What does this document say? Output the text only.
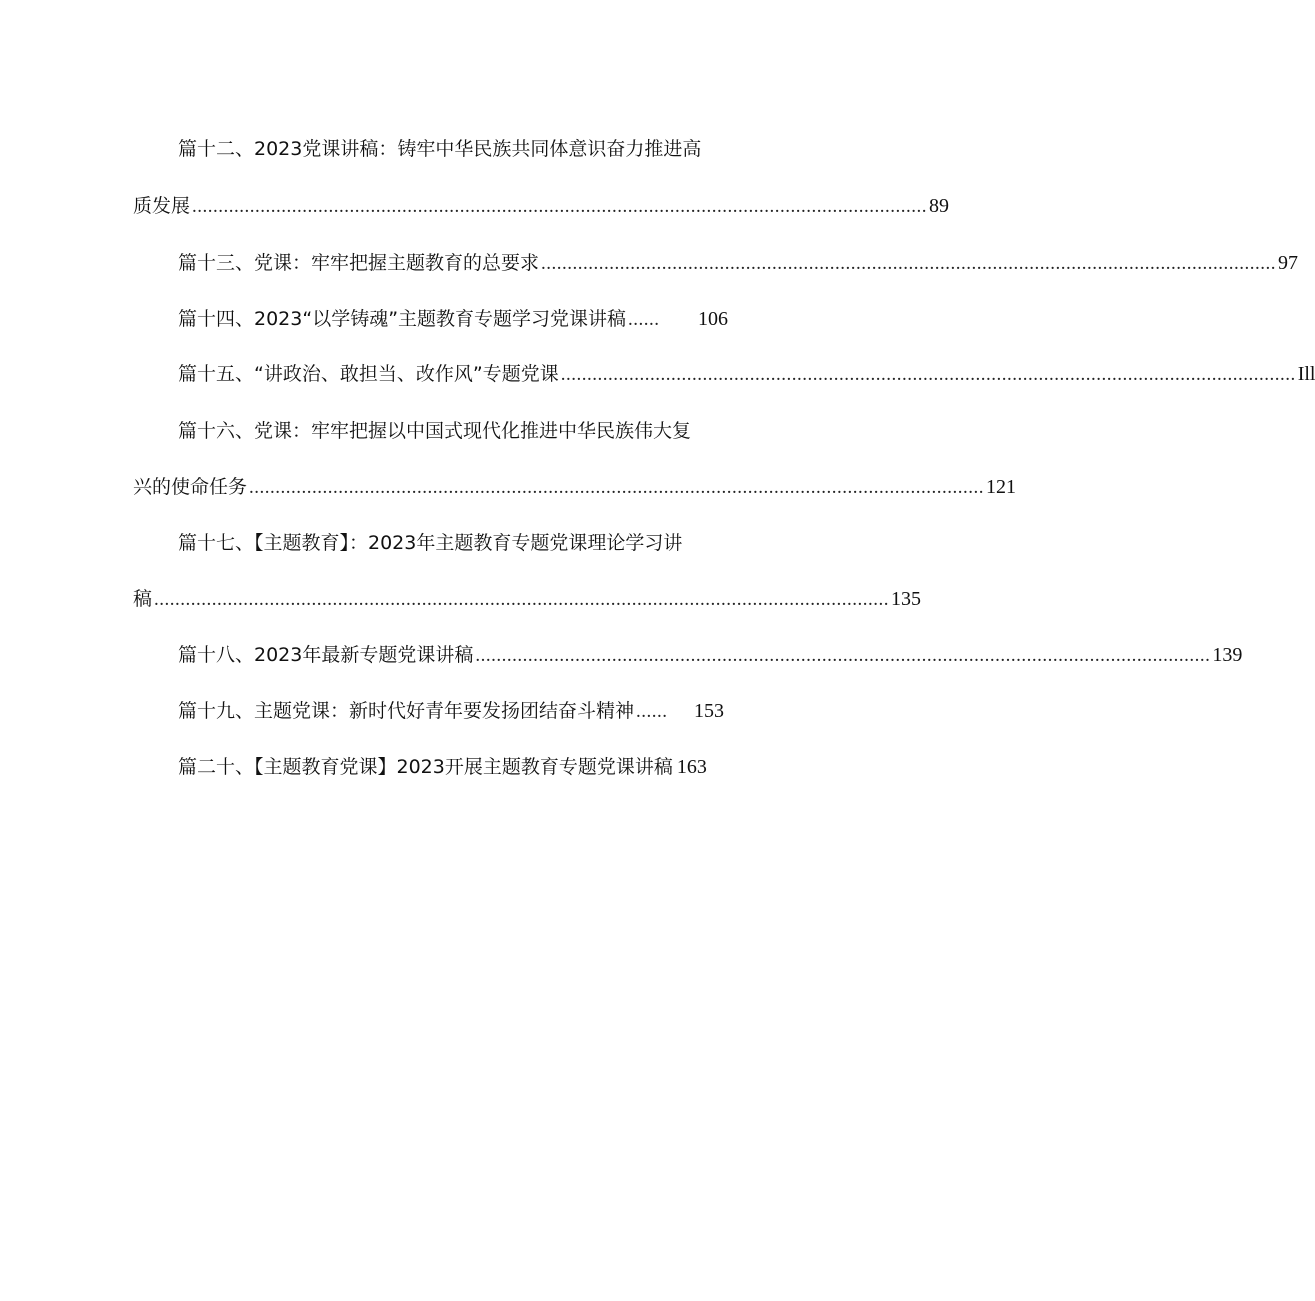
篇十二、2023党课讲稿：铸牢中华民族共同体意识奋力推进高
质发展 ............................................................................................................................................ 89
篇十三、党课：牢牢把握主题教育的总要求 ............................................................................................................................................ 97
篇十四、2023“以学铸魂”主题教育专题学习党课讲稿 ......	106
篇十五、“讲政治、敢担当、改作风”专题党课 ............................................................................................................................................ Ill
篇十六、党课：牢牢把握以中国式现代化推进中华民族伟大复
兴的使命任务 ............................................................................................................................................ 121
篇十七、【主题教育】：2023年主题教育专题党课理论学习讲
稿 ............................................................................................................................................ 135
篇十八、2023年最新专题党课讲稿 ............................................................................................................................................ 139
篇十九、主题党课：新时代好青年要发扬团结奋斗精神 ......	153
篇二十、【主题教育党课】2023开展主题教育专题党课讲稿 163
